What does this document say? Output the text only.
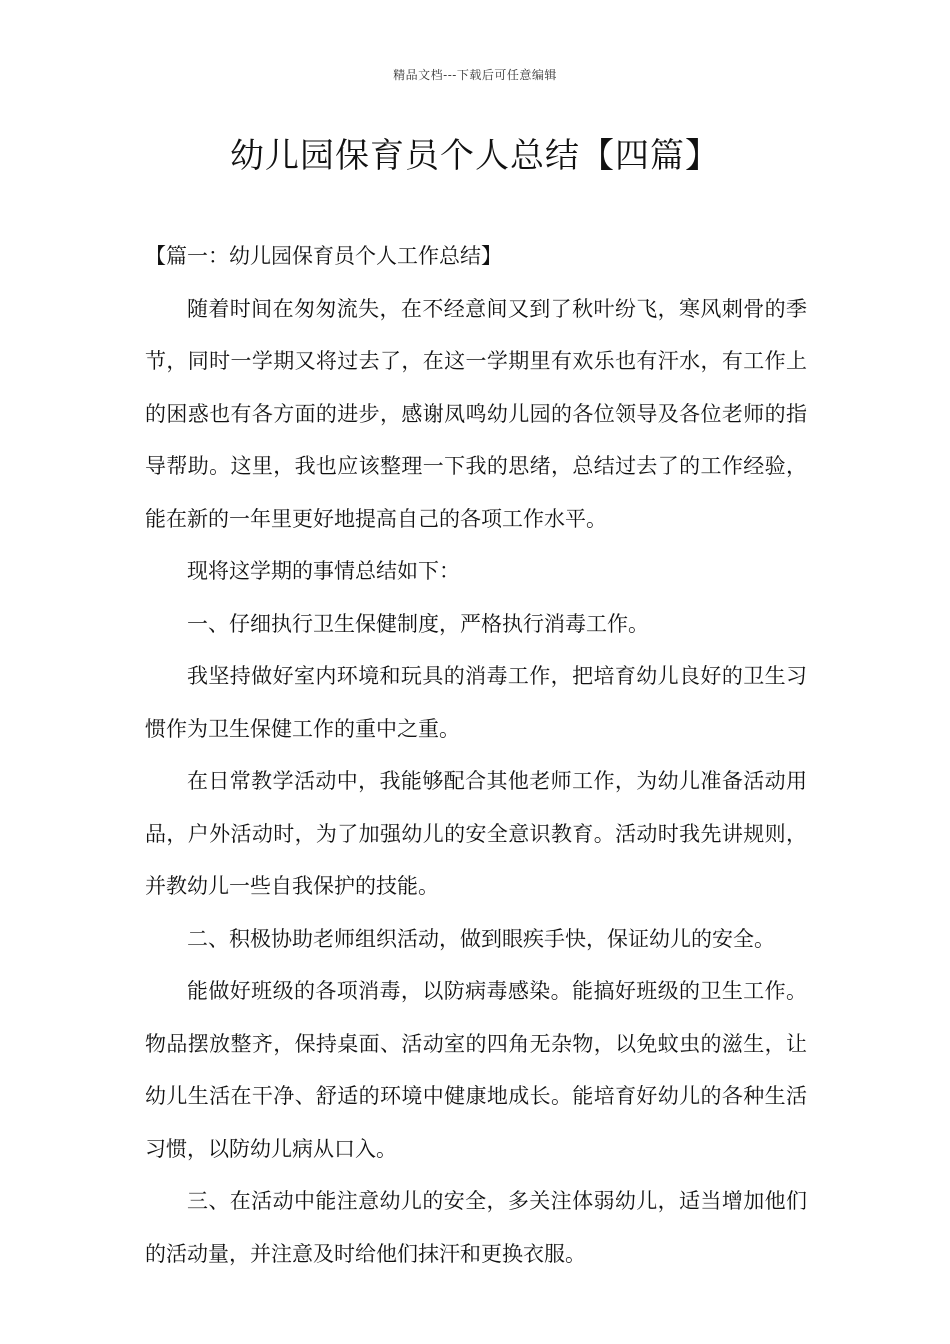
精品文档---下载后可任意编辑
幼儿园保育员个人总结【四篇】

【篇一：幼儿园保育员个人工作总结】

随着时间在匆匆流失，在不经意间又到了秋叶纷飞，寒风刺骨的季节，同时一学期又将过去了，在这一学期里有欢乐也有汗水，有工作上的困惑也有各方面的进步，感谢凤鸣幼儿园的各位领导及各位老师的指导帮助。这里，我也应该整理一下我的思绪，总结过去了的工作经验，能在新的一年里更好地提高自己的各项工作水平。

现将这学期的事情总结如下：

一、仔细执行卫生保健制度，严格执行消毒工作。

我坚持做好室内环境和玩具的消毒工作，把培育幼儿良好的卫生习惯作为卫生保健工作的重中之重。

在日常教学活动中，我能够配合其他老师工作，为幼儿准备活动用品，户外活动时，为了加强幼儿的安全意识教育。活动时我先讲规则，并教幼儿一些自我保护的技能。

二、积极协助老师组织活动，做到眼疾手快，保证幼儿的安全。

能做好班级的各项消毒，以防病毒感染。能搞好班级的卫生工作。物品摆放整齐，保持桌面、活动室的四角无杂物，以免蚊虫的滋生，让幼儿生活在干净、舒适的环境中健康地成长。能培育好幼儿的各种生活习惯，以防幼儿病从口入。

三、在活动中能注意幼儿的安全，多关注体弱幼儿，适当增加他们的活动量，并注意及时给他们抹汗和更换衣服。
